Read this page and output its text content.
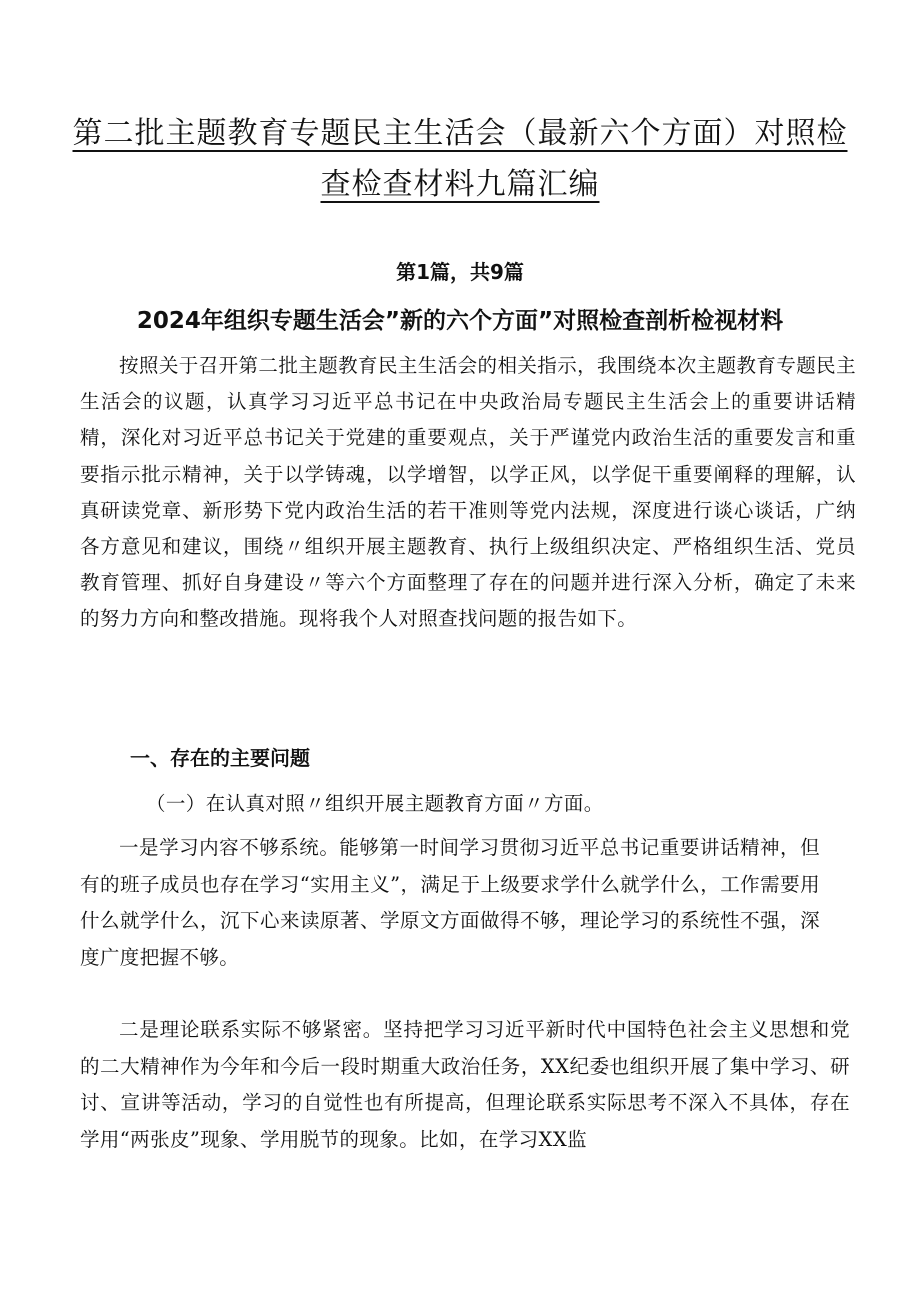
第二批主题教育专题民主生活会（最新六个方面）对照检查检查材料九篇汇编
第1篇，共9篇
2024年组织专题生活会”新的六个方面”对照检查剖析检视材料

按照关于召开第二批主题教育民主生活会的相关指示，我围绕本次主题教育专题民主生活会的议题，认真学习习近平总书记在中央政治局专题民主生活会上的重要讲话精精，深化对习近平总书记关于党建的重要观点，关于严谨党内政治生活的重要发言和重要指示批示精神，关于以学铸魂，以学增智，以学正风，以学促干重要阐释的理解，认真研读党章、新形势下党内政治生活的若干准则等党内法规，深度进行谈心谈话，广纳各方意见和建议，围绕〃组织开展主题教育、执行上级组织决定、严格组织生活、党员教育管理、抓好自身建设〃等六个方面整理了存在的问题并进行深入分析，确定了未来的努力方向和整改措施。现将我个人对照查找问题的报告如下。

一、存在的主要问题
（一）在认真对照〃组织开展主题教育方面〃方面。

一是学习内容不够系统。能够第一时间学习贯彻习近平总书记重要讲话精神，但有的班子成员也存在学习“实用主义”，满足于上级要求学什么就学什么，工作需要用什么就学什么，沉下心来读原著、学原文方面做得不够，理论学习的系统性不强，深度广度把握不够。

二是理论联系实际不够紧密。坚持把学习习近平新时代中国特色社会主义思想和党的二大精神作为今年和今后一段时期重大政治任务，XX纪委也组织开展了集中学习、研讨、宣讲等活动，学习的自觉性也有所提高，但理论联系实际思考不深入不具体，存在学用“两张皮”现象、学用脱节的现象。比如，在学习XX监
